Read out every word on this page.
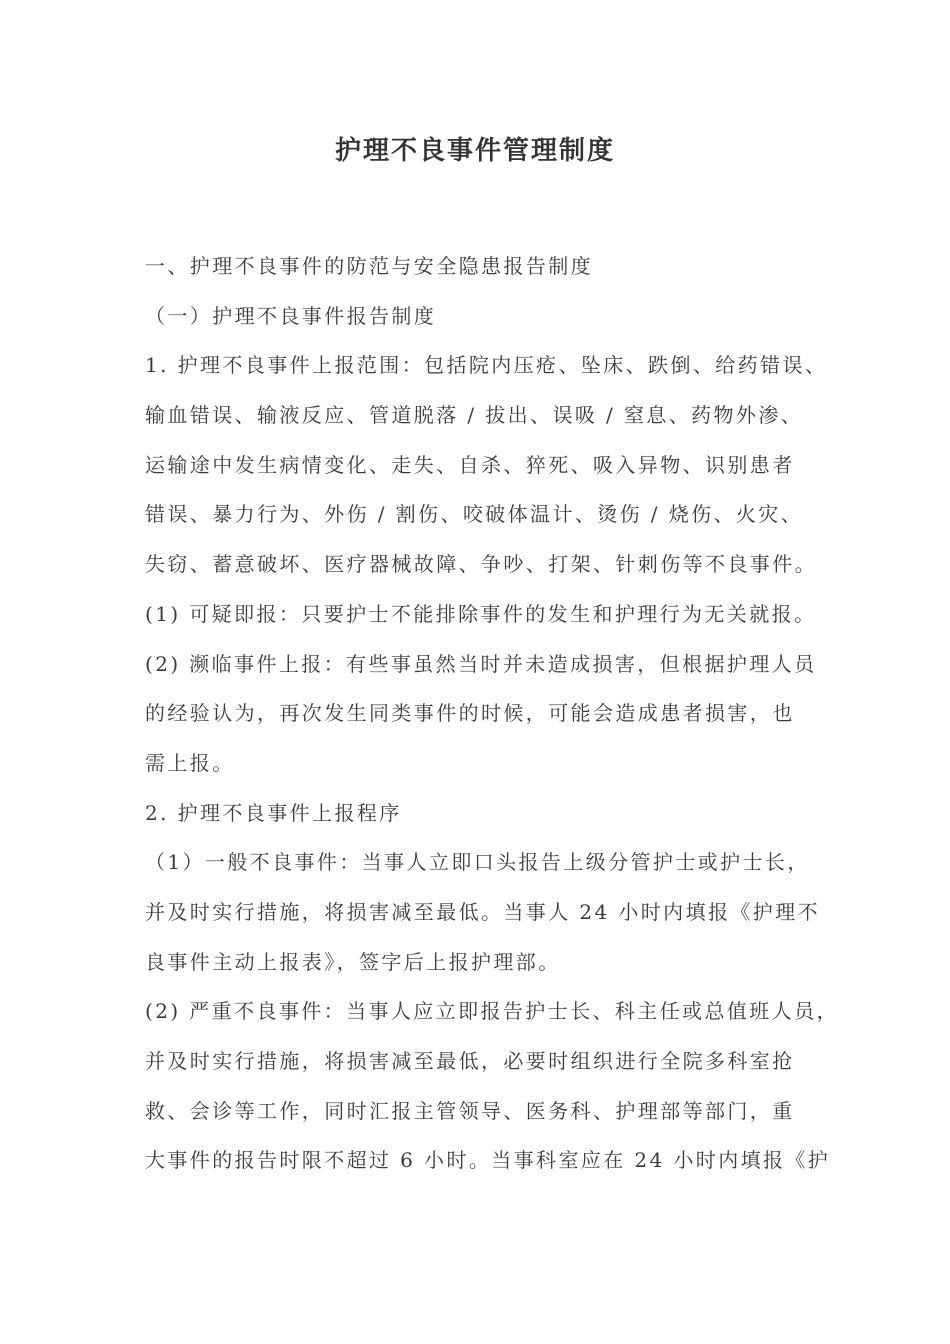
护理不良事件管理制度
一、护理不良事件的防范与安全隐患报告制度
（一）护理不良事件报告制度
1. 护理不良事件上报范围：包括院内压疮、坠床、跌倒、给药错误、
输血错误、输液反应、管道脱落 / 拔出、误吸 / 窒息、药物外渗、
运输途中发生病情变化、走失、自杀、猝死、吸入异物、识别患者
错误、暴力行为、外伤 / 割伤、咬破体温计、烫伤 / 烧伤、火灾、
失窃、蓄意破坏、医疗器械故障、争吵、打架、针刺伤等不良事件。
(1) 可疑即报：只要护士不能排除事件的发生和护理行为无关就报。
(2) 濒临事件上报：有些事虽然当时并未造成损害，但根据护理人员
的经验认为，再次发生同类事件的时候，可能会造成患者损害，也
需上报。
2. 护理不良事件上报程序
（1）一般不良事件：当事人立即口头报告上级分管护士或护士长，
并及时实行措施，将损害减至最低。当事人 24 小时内填报《护理不
良事件主动上报表》，签字后上报护理部。
(2) 严重不良事件：当事人应立即报告护士长、科主任或总值班人员，
并及时实行措施，将损害减至最低，必要时组织进行全院多科室抢
救、会诊等工作，同时汇报主管领导、医务科、护理部等部门，重
大事件的报告时限不超过 6 小时。当事科室应在 24 小时内填报《护
